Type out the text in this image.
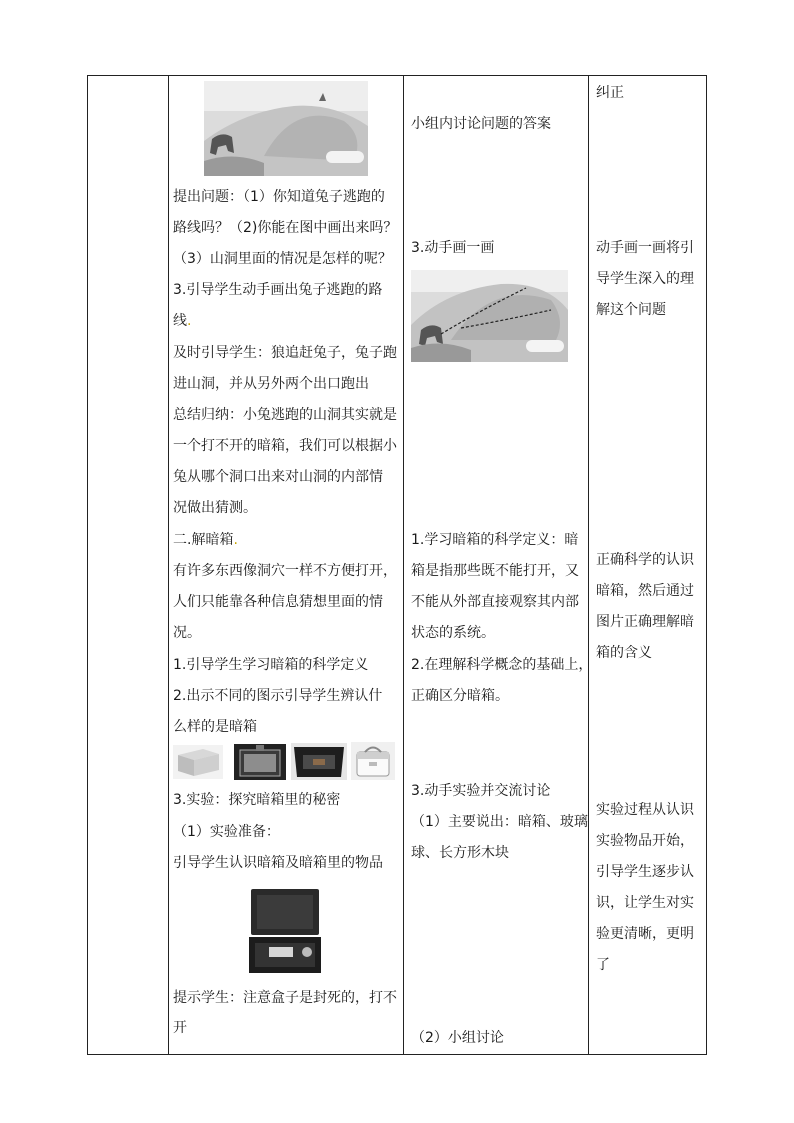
提出问题：（1）你知道兔子逃跑的
路线吗？（2)你能在图中画出来吗？
（3）山洞里面的情况是怎样的呢？
3.引导学生动手画出兔子逃跑的路
线.
及时引导学生：狼追赶兔子，兔子跑
进山洞，并从另外两个出口跑出
总结归纳：小兔逃跑的山洞其实就是
一个打不开的暗箱，我们可以根据小
兔从哪个洞口出来对山洞的内部情
况做出猜测。
二.解暗箱.
有许多东西像洞穴一样不方便打开，
人们只能靠各种信息猜想里面的情
况。
1.引导学生学习暗箱的科学定义
2.出示不同的图示引导学生辨认什
么样的是暗箱
3.实验：探究暗箱里的秘密
（1）实验准备：
引导学生认识暗箱及暗箱里的物品
提示学生：注意盒子是封死的，打不
开
小组内讨论问题的答案
3.动手画一画
1.学习暗箱的科学定义：暗
箱是指那些既不能打开，又
不能从外部直接观察其内部
状态的系统。
2.在理解科学概念的基础上，
正确区分暗箱。
3.动手实验并交流讨论
（1）主要说出：暗箱、玻璃
球、长方形木块
（2）小组讨论
纠正
动手画一画将引
导学生深入的理
解这个问题
正确科学的认识
暗箱，然后通过
图片正确理解暗
箱的含义
实验过程从认识
实验物品开始，
引导学生逐步认
识，让学生对实
验更清晰，更明
了
